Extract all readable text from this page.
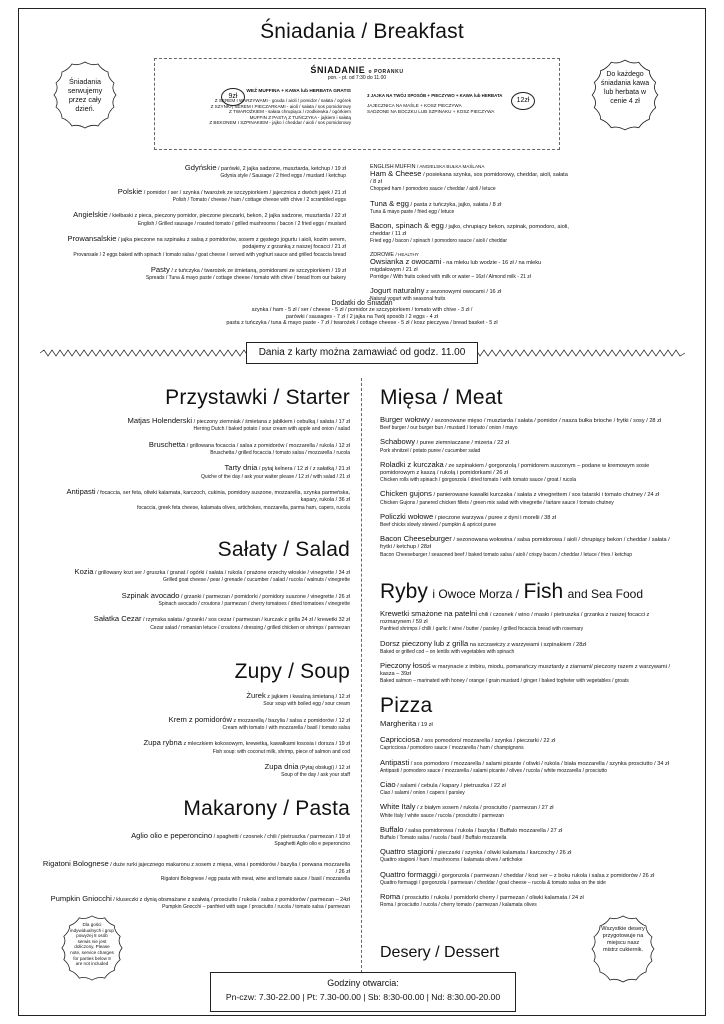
Śniadania / Breakfast
Śniadania serwujemy przez cały dzień.
Do każdego śniadania kawa lub herbata w cenie 4 zł
ŚNIADANIE o PORANKU
pon. - pt. od 7:30 do 11.00
9zł
WEŹ MUFFINA + KAWA lub HERBATA GRATIS
Z SEREM I WARZYWAMI - gouda / aioli / pomidor / sałata / ogórek
Z SZYNKĄ SEREM I PIECZARKAMI - aioli / sałata / sos pomidorowy
Z TWAROŻKIEM - sałata chrupiąca / rzodkiewka / ogórkiem
MUFFIN Z PASTĄ Z TUŃCZYKA - jajkiem i sałatą
Z BEKONEM I SZPINAKIEM - jajko / cheddar / aioli / sos pomidorowy
12zł
3 JAJKA NA TWÓJ SPOSÓB + PIECZYWO + KAWA lub HERBATA
JAJECZNICA NA MAŚLE + KOSZ PIECZYWA
SADZONE NA BOCZKU LUB SZPINAKU + KOSZ PIECZYWA
Gdyńskie / parówki, 2 jajka sadzone, musztarda, ketchup / 19 zł
Gdynia style / Sausage / 2 fried eggs / mustard / ketchup
Polskie / pomidor / ser / szynka / twarożek ze szczypiorkiem / jajecznica z dwóch jajek / 21 zł
Polish / Tomato / cheese / ham / cottage cheese with chive / 2 scrambled eggs
Angielskie / kiełbaski z pieca, pieczony pomidor, pieczone pieczarki, bekon, 2 jajka sadzone, musztarda / 22 zł
English / Grilled sausage / roasted tomato / grilled mushrooms / bacon / 2 fried eggs / mustard
Prowansalskie / jajka pieczone na szpinaku z salsą z pomidorów, sosem z gęstego jogurtu i aioli, kozim serem, podajemy z grzanką z naszej focacci / 21 zł
Provansale / 2 eggs baked with spinach / tomato salsa / goat cheese / served with yoghurt sauce and grilled focaccia bread
Pasty / z tuńczyka / twarożek ze śmietaną, pomidorami ze szczypiorkiem / 19 zł
Spreads / Tuna & mayo paste / cottage cheese / tomato with chive / bread from our bakery
ENGLISH MUFFIN / ANGIELSKA BUŁKA MAŚLANA
Ham & Cheese / posiekana szynka, sos pomidorowy, cheddar, aioli, sałata / 8 zł
Chopped ham / pomodoro sauce / cheddar / aioli / letuce
Tuna & egg / pasta z tuńczyka, jajko, sałata / 8 zł
Tuna & mayo paste / fried egg / letuce
Bacon, spinach & egg / jajko, chrupiący bekon, szpinak, pomodoro, aioli, cheddar / 11 zł
Fried egg / bacon / spinach / pomodoro sauce / aioli / cheddar
ZDROWE / HEALTHY
Owsianka z owocami - na mleku lub wodzie - 16 zł / na mleku migdałowym / 21 zł
Porridge / With fruits coked with milk or water – 16zł / Almond milk - 21 zł
Jogurt naturalny z sezonowymi owocami / 16 zł
Natural yogurt with seasonal fruits
Dodatki do Śniadań
szynka / ham - 5 zł / ser / cheese - 5 zł / pomidor ze szczypiorkiem / tomato with chive - 3 zł /
parówki / sausages - 7 zł / 2 jajka na Twój sposób / 2 eggs - 4 zł
pasta z tuńczyka / tuna & mayo paste - 7 zł / twarożek / cottage cheese - 5 zł / kosz pieczywa / bread basket - 5 zł
Dania z karty można zamawiać od godz. 11.00
Przystawki / Starter
Matjas Holenderski / pieczony ziemniak / śmietana z jabłkiem i cebulką / sałata / 17 zł
Herring Dutch / baked potato / sour cream with apple and onion / salad
Bruschetta / grillowana focaccia / salsa z pomidorów / mozzarella / rukola / 12 zł
Bruschetta / grilled focaccia / tomato salsa / mozzarella / rucola
Tarty dnia / pytaj kelnera / 12 zł / z sałatką / 21 zł
Quiche of the day / ask your waiter please / 12 zł / with salad / 21 zł
Antipasti / focaccia, ser feta, oliwki kalamata, karczoch, cukinia, pomidory suszone, mozzarella, szynka parmeńska, kapary, rukola / 36 zł
focaccia, greek feta cheese, kalamata olives, artichokes, mozzarella, parma ham, capers, rucola
Sałaty / Salad
Kozia / grillowany kozi ser / gruszka / granat / ogórki / sałata / rukola / prażone orzechy włoskie / vinegrette / 34 zł
Grilled goat cheese / pear / grenade / cucumber / salad / rucola / walnuts / vinegrette
Szpinak avocado / grzanki / parmezan / pomidorki / pomidory suszone / vinegrette / 26 zł
Spinach avocado / croutons / parmezan / cherry tomatoes / dried tomatoes / vinegrette
Sałatka Cezar / rzymska sałata / grzanki / sos cezar / parmezan / kurczak z grilla 24 zł / krewetki 32 zł
Cezar salad / romanian letuce / croutons / dressing / grilled chicken or shrimps / parmezan
Zupy / Soup
Żurek z jajkiem i kwaśną śmietaną / 12 zł
Sour soup with boiled egg / sour cream
Krem z pomidorów z mozzarellą / bazylia / salsa z pomidorów / 12 zł
Cream with tomato / with mozzarella / basil / tomato salsa
Zupa rybna z mleczkiem kokosowym, krewetką, kawałkami łososia i dorsza / 19 zł
Fish soup: with coconut milk, shrimp, piece of salmon and cod
Zupa dnia (Pytaj obsługi) / 12 zł
Soup of the day / ask your staff
Makarony / Pasta
Aglio olio e peperoncino / spaghetti / czosnek / chili / pietruszka / parmezan / 19 zł
Spaghetti Aglio olio e peperoncino
Rigatoni Bolognese / duże rurki jajecznego makaronu z sosem z mięsa, wina i pomidorów / bazylia / porwana mozzarella / 26 zł
Rigatoni Bolognese / egg pasta with meat, wine and tomato sauce / basil / mozzarella
Pumpkin Gniocchi / kluseczki z dynią obsmażane z szałwią / prosciutto / rukola / salsa z pomidorów / parmezan – 24zł
Pumpkin Gnocchi – panfried with sage / prosciutto / rucola / tomato salsa / parmezan
Dla gości indywidualnych i grup powyżej 8 osób serwis nie jest doliczony. Please note, service charges for parties below 8 are not included
Mięsa / Meat
Burger wołowy / sezonowane mięso / musztarda / sałata / pomidor / nasza bułka brioche / frytki / sosy / 28 zł
Beef burger / our burger bun / mustard / tomato / onion / mayo
Schabowy / puree ziemniaczane / mizeria / 22 zł
Pork shnitzel / potato puree / cucumber salad
Roladki z kurczaka / ze szpinakiem / gorgonzolą / pomidorem suszonym – podane w kremowym sosie pomidorowym z kaszą / rukolą i pomidorkami / 26 zł
Chicken rolls with spinach / gorgonzola / dried tomato / with tomato sauce / groat / rucola
Chicken gujons / panierowane kawałki kurczaka / sałata z vinegrettem / sos tatarski i tomato chutney / 24 zł
Chicken Gujons / panered chicken fillets / green mix salad with vinegrette / tartare sauce / tomato chutney
Policzki wołowe / pieczone warzywa / puree z dyni i morelii / 38 zł
Beef chicks slowly stewed / pumpkin & apricot puree
Bacon Cheeseburger / sezonowana wołowina / salsa pomidorowa / aioli / chrupiący bekon / cheddar / sałata / frytki / ketchup / 28zł
Bacon Cheeseburger / seasoned beef / baked tomato salsa / aioli / crispy bacon / cheddar / letuce / fries / ketchup
Ryby i Owoce Morza / Fish and Sea Food
Krewetki smażone na patelni chili / czosnek / wino / masło / pietruszka / grzanka z naszej focacci z rozmarynem / 59 zł
Panfried shrimps / chilli / garlic / wine / butter / parsley / grilled focaccia bread with rosemary
Dorsz pieczony lub z grilla na szczawiczy z warzywami i szpinakiem / 28zł
Baked or grilled cod – on lentils with vegetables with spinach
Pieczony łosoś w marynacie z imbiru, miodu, pomarańczy musztardy z ziarnami/ pieczony razem z warzywami / kasza – 39zł
Baked salmon – marinated with honey / orange / grain mustard / ginger / baked togheter with vegetables / groats
Pizza
Margherita / 19 zł
Capricciosa / sos pomodoro/ mozzarella / szynka / pieczarki / 22 zł
Capricciosa / pomodoro sauce / mozzarella / ham / champignons
Antipasti / sos pomodoro / mozzarella / salami picante / oliwki / rukola / biała mozzarella / szynka prosciutto / 34 zł
Antipasti / pomodoro sauce / mozzarella / salami picante / olives / rucola / white mozzarella / prosciutto
Ciao / salami / cebula / kapary / pietruszka / 22 zł
Ciao / salami / onion / capers / parsley
White Italy / z białym sosem / rukola / prosciutto / parmezan / 27 zł
White Italy / white sauce / rucola / prosciutto / parmezan
Buffalo / salsa pomidorowa / rukola / bazylia / Buffalo mozzarella / 27 zł
Buffalo / Tomato salsa / rucola / basil / Buffalo mozzarella
Quattro stagioni / pieczarki / szynka / oliwki kalamata / karczochy / 26 zł
Quattro stagioni / ham / mushrooms / kalamata olives / artichoke
Quattro formaggi / gorgonzola / parmezan / cheddar / kozi ser – z boku rukola i salsa z pomidorów / 26 zł
Quattro formaggi / gorgonzola / parmesan / cheddar / goat cheese – rucola & tomato salsa on the side
Roma / prosciutto / rukola / pomidorki cherry / parmezan / oliwki kalamata / 24 zł
Roma / prosciutto / rucola / cherry tomato / parmezan / kalamata olives
Desery / Dessert
Wszystkie desery przygotowuje na miejscu nasz mistrz cukiernik.
Godziny otwarcia:
Pn-czw: 7.30-22.00 | Pt: 7.30-00.00 | Sb: 8:30-00.00 | Nd: 8:30.00-20.00
